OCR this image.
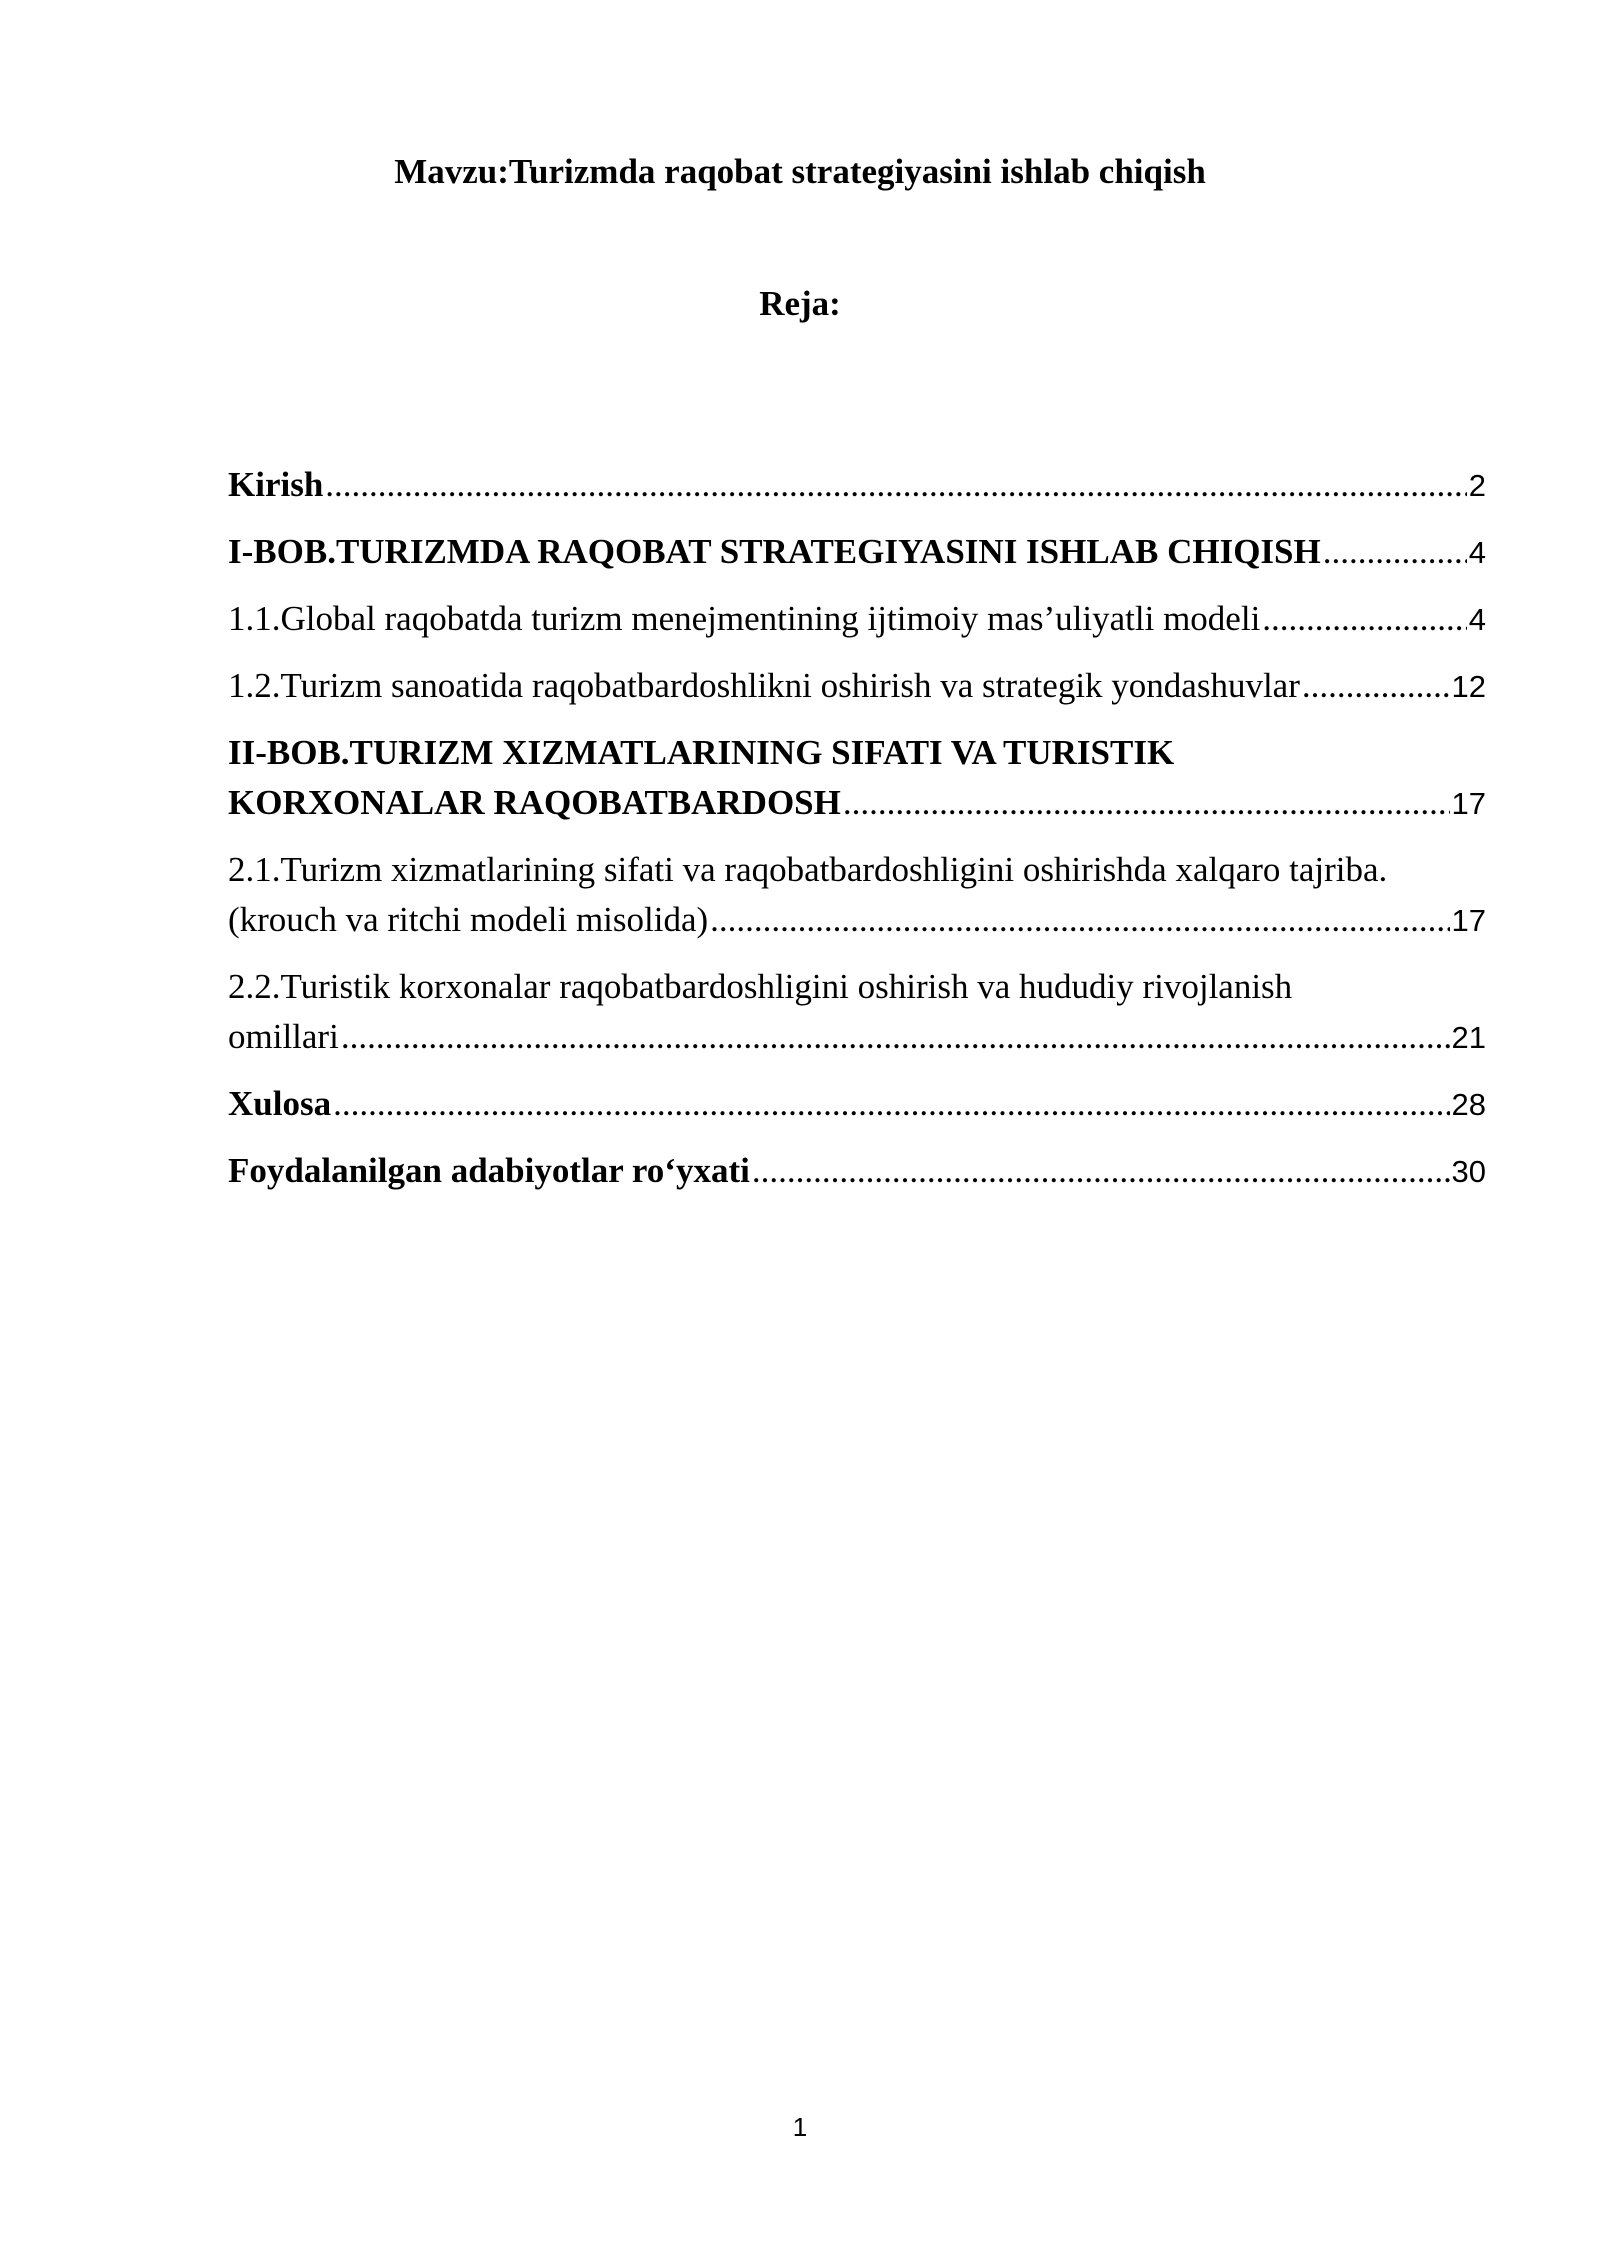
Mavzu:Turizmda raqobat strategiyasini ishlab chiqish
Reja:
Kirish .....	2
I-BOB.TURIZMDA RAQOBAT STRATEGIYASINI ISHLAB CHIQISH .....	4
1.1.Global raqobatda turizm menejmentining ijtimoiy mas’uliyatli modeli .....	4
1.2.Turizm sanoatida raqobatbardoshlikni oshirish va strategik yondashuvlar .....	12
II-BOB.TURIZM XIZMATLARINING SIFATI VA TURISTIK
KORXONALAR RAQOBATBARDOSH .....	17
2.1.Turizm xizmatlarining sifati va raqobatbardoshligini oshirishda xalqaro tajriba.
(krouch va ritchi modeli misolida) .....	17
2.2.Turistik korxonalar raqobatbardoshligini oshirish va hududiy rivojlanish
omillari .....	21
Xulosa .....	28
Foydalanilgan adabiyotlar ro‘yxati .....	30
1
